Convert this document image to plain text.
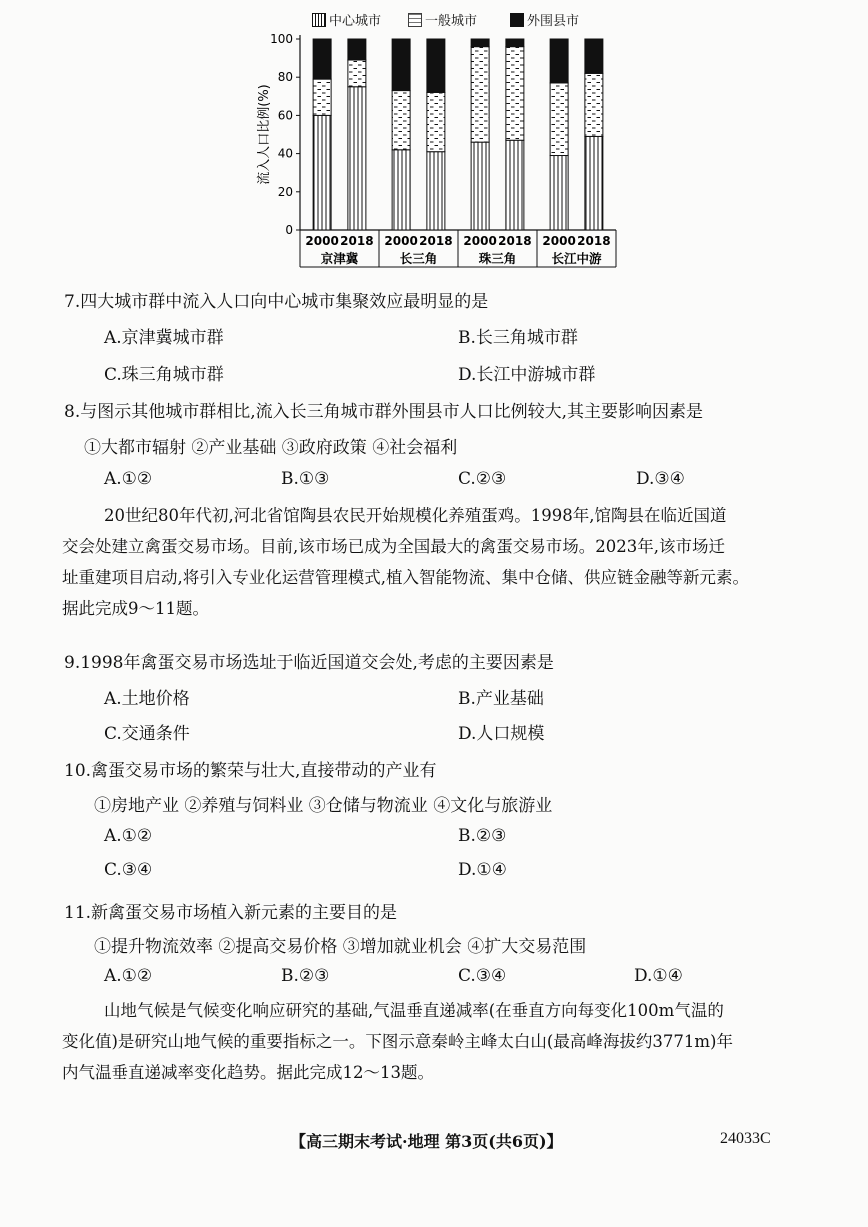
0
20
40
60
80
100
流入人口比例(%)
京津冀
2000 2018
长三角
2000 2018
珠三角
2000 2018
长江中游
2000 2018
中心城市	一般城市	外围县市
7.四大城市群中流入人口向中心城市集聚效应最明显的是
A.京津冀城市群	B.长三角城市群
C.珠三角城市群	D.长江中游城市群
8.与图示其他城市群相比,流入长三角城市群外围县市人口比例较大,其主要影响因素是
①大都市辐射 ②产业基础 ③政府政策 ④社会福利
A.①②	B.①③	C.②③	D.③④
20世纪80年代初,河北省馆陶县农民开始规模化养殖蛋鸡。1998年,馆陶县在临近国道
交会处建立禽蛋交易市场。目前,该市场已成为全国最大的禽蛋交易市场。2023年,该市场迁
址重建项目启动,将引入专业化运营管理模式,植入智能物流、集中仓储、供应链金融等新元素。
据此完成9～11题。
9.1998年禽蛋交易市场选址于临近国道交会处,考虑的主要因素是
A.土地价格	B.产业基础
C.交通条件	D.人口规模
10.禽蛋交易市场的繁荣与壮大,直接带动的产业有
①房地产业 ②养殖与饲料业 ③仓储与物流业 ④文化与旅游业
A.①②	B.②③
C.③④	D.①④
11.新禽蛋交易市场植入新元素的主要目的是
①提升物流效率 ②提高交易价格 ③增加就业机会 ④扩大交易范围
A.①②	B.②③	C.③④	D.①④
山地气候是气候变化响应研究的基础,气温垂直递减率(在垂直方向每变化100m气温的
变化值)是研究山地气候的重要指标之一。下图示意秦岭主峰太白山(最高峰海拔约3771m)年
内气温垂直递减率变化趋势。据此完成12～13题。
【高三期末考试·地理 第3页(共6页)】	24033C
